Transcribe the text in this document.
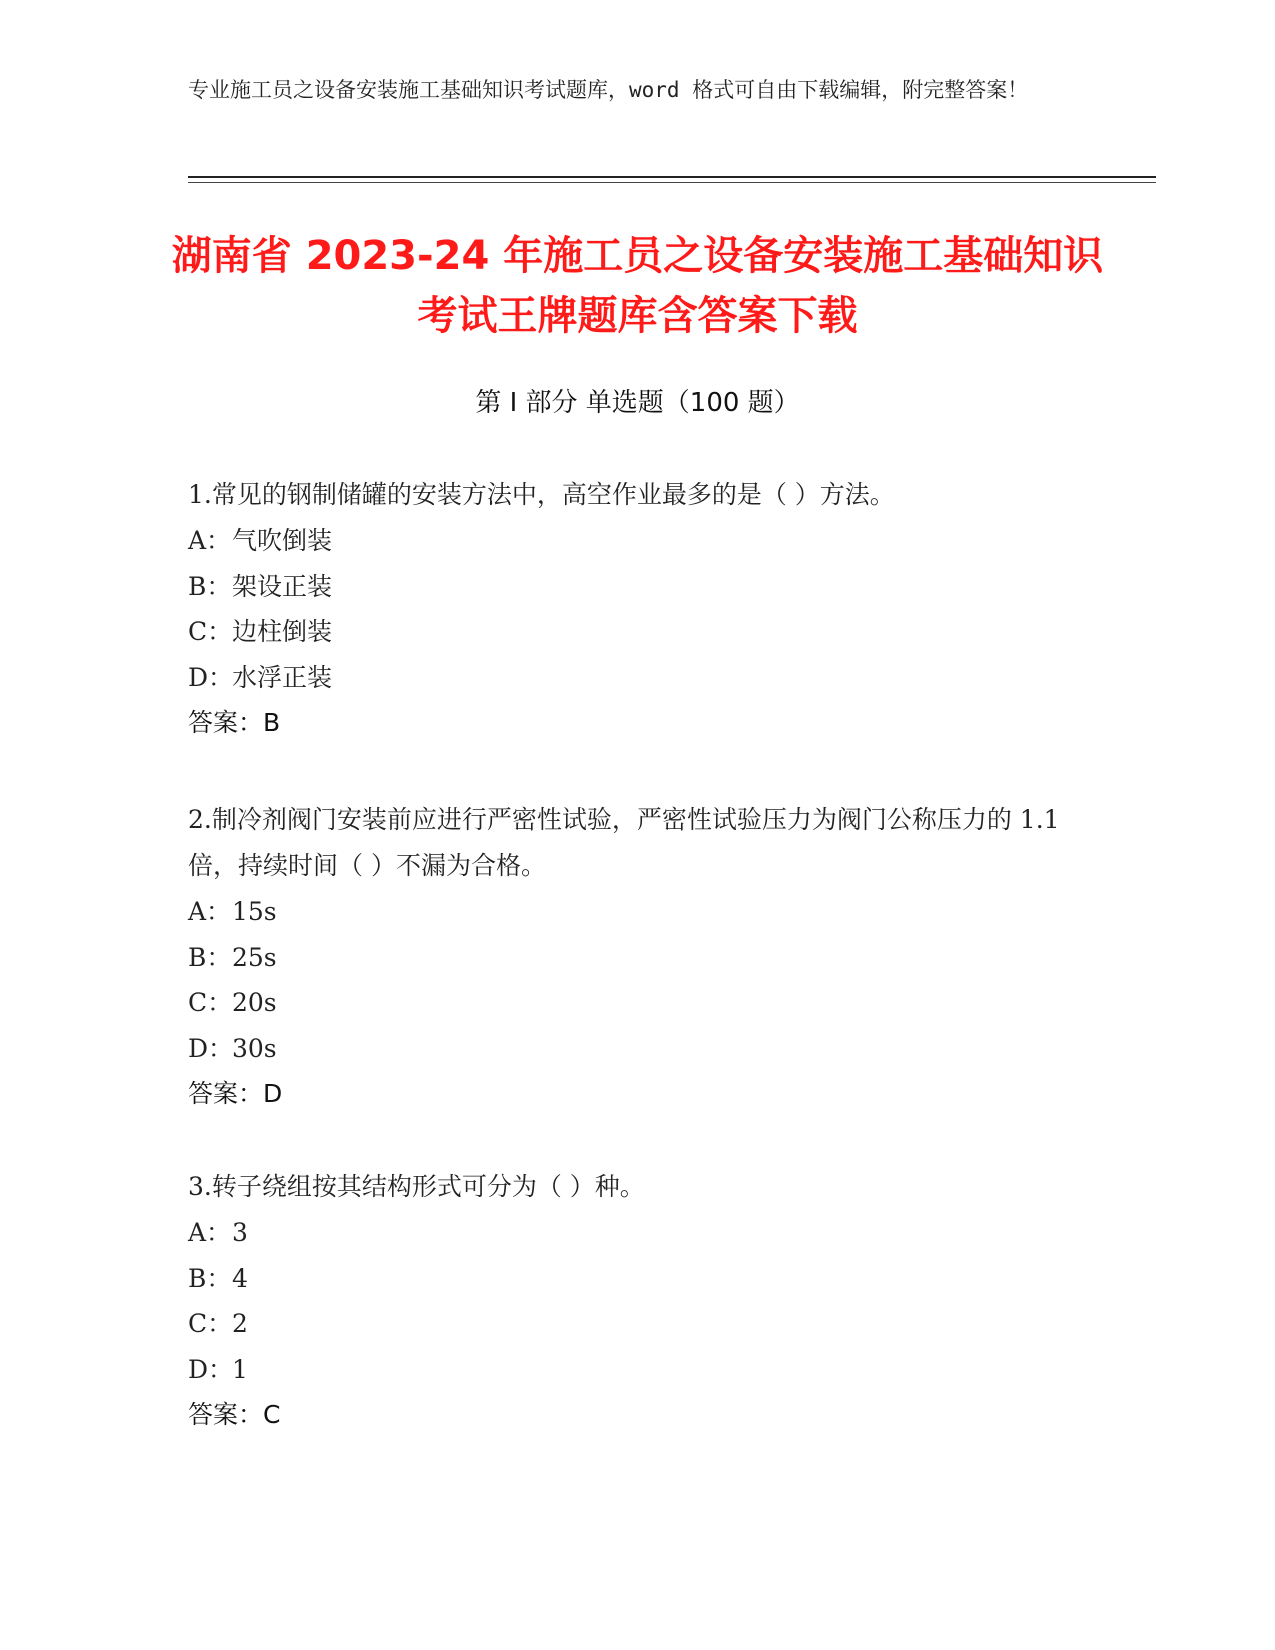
专业施工员之设备安装施工基础知识考试题库，word 格式可自由下载编辑，附完整答案！
湖南省 2023-24 年施工员之设备安装施工基础知识考试王牌题库含答案下载
第 I 部分 单选题（100 题）
1.常见的钢制储罐的安装方法中，高空作业最多的是（ ）方法。
A：气吹倒装
B：架设正装
C：边柱倒装
D：水浮正装
答案：B
2.制冷剂阀门安装前应进行严密性试验，严密性试验压力为阀门公称压力的 1.1 倍，持续时间（ ）不漏为合格。
A：15s
B：25s
C：20s
D：30s
答案：D
3.转子绕组按其结构形式可分为（ ）种。
A：3
B：4
C：2
D：1
答案：C
